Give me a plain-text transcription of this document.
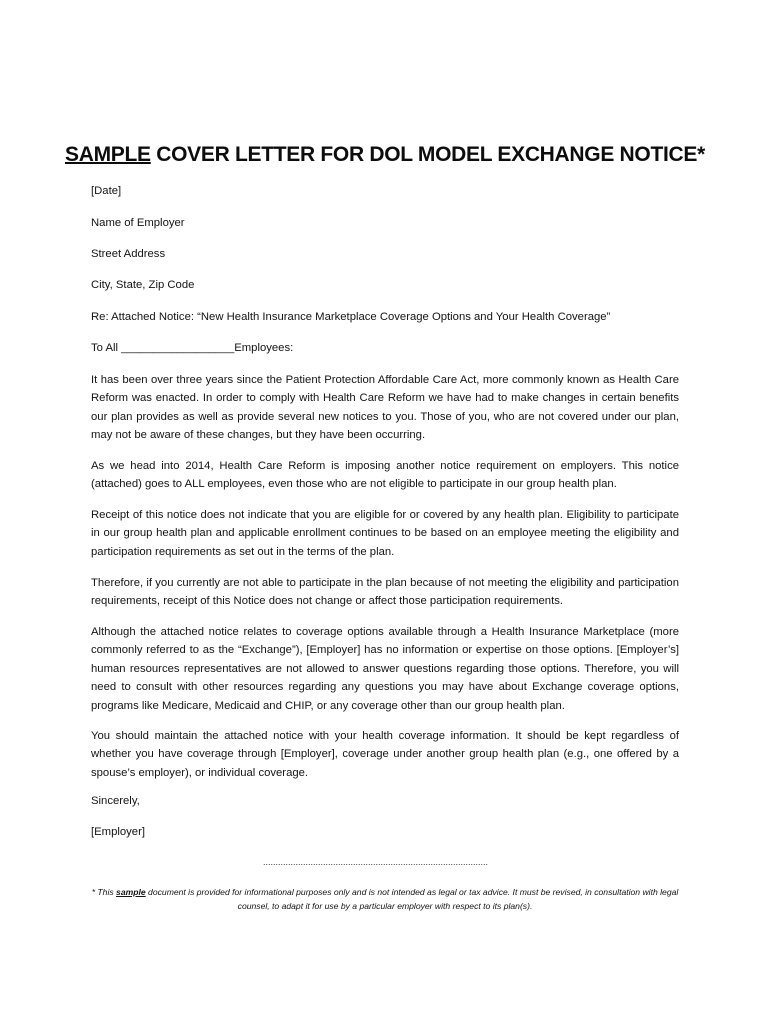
SAMPLE COVER LETTER FOR DOL MODEL EXCHANGE NOTICE*
[Date]
Name of Employer
Street Address
City, State, Zip Code
Re: Attached Notice: “New Health Insurance Marketplace Coverage Options and Your Health Coverage”
To All __________________Employees:
It has been over three years since the Patient Protection Affordable Care Act, more commonly known as Health Care Reform was enacted. In order to comply with Health Care Reform we have had to make changes in certain benefits our plan provides as well as provide several new notices to you. Those of you, who are not covered under our plan, may not be aware of these changes, but they have been occurring.
As we head into 2014, Health Care Reform is imposing another notice requirement on employers. This notice (attached) goes to ALL employees, even those who are not eligible to participate in our group health plan.
Receipt of this notice does not indicate that you are eligible for or covered by any health plan. Eligibility to participate in our group health plan and applicable enrollment continues to be based on an employee meeting the eligibility and participation requirements as set out in the terms of the plan.
Therefore, if you currently are not able to participate in the plan because of not meeting the eligibility and participation requirements, receipt of this Notice does not change or affect those participation requirements.
Although the attached notice relates to coverage options available through a Health Insurance Marketplace (more commonly referred to as the “Exchange”), [Employer] has no information or expertise on those options. [Employer’s] human resources representatives are not allowed to answer questions regarding those options. Therefore, you will need to consult with other resources regarding any questions you may have about Exchange coverage options, programs like Medicare, Medicaid and CHIP, or any coverage other than our group health plan.
You should maintain the attached notice with your health coverage information. It should be kept regardless of whether you have coverage through [Employer], coverage under another group health plan (e.g., one offered by a spouse’s employer), or individual coverage.
Sincerely,
[Employer]
..........................................................................................
* This sample document is provided for informational purposes only and is not intended as legal or tax advice. It must be revised, in consultation with legal counsel, to adapt it for use by a particular employer with respect to its plan(s).
